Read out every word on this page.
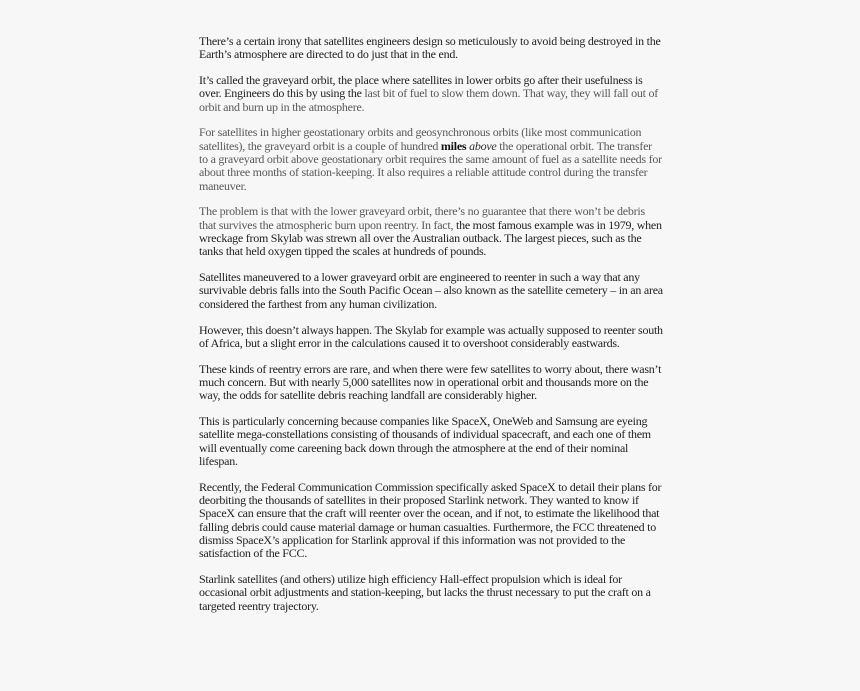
There’s a certain irony that satellites engineers design so meticulously to avoid being destroyed in the Earth’s atmosphere are directed to do just that in the end.

It’s called the graveyard orbit, the place where satellites in lower orbits go after their usefulness is over. Engineers do this by using the last bit of fuel to slow them down. That way, they will fall out of orbit and burn up in the atmosphere.

For satellites in higher geostationary orbits and geosynchronous orbits (like most communication satellites), the graveyard orbit is a couple of hundred miles above the operational orbit. The transfer to a graveyard orbit above geostationary orbit requires the same amount of fuel as a satellite needs for about three months of station-keeping. It also requires a reliable attitude control during the transfer maneuver.

The problem is that with the lower graveyard orbit, there’s no guarantee that there won’t be debris that survives the atmospheric burn upon reentry. In fact, the most famous example was in 1979, when wreckage from Skylab was strewn all over the Australian outback. The largest pieces, such as the tanks that held oxygen tipped the scales at hundreds of pounds.

Satellites maneuvered to a lower graveyard orbit are engineered to reenter in such a way that any survivable debris falls into the South Pacific Ocean – also known as the satellite cemetery – in an area considered the farthest from any human civilization.

However, this doesn’t always happen. The Skylab for example was actually supposed to reenter south of Africa, but a slight error in the calculations caused it to overshoot considerably eastwards.

These kinds of reentry errors are rare, and when there were few satellites to worry about, there wasn’t much concern. But with nearly 5,000 satellites now in operational orbit and thousands more on the way, the odds for satellite debris reaching landfall are considerably higher.

This is particularly concerning because companies like SpaceX, OneWeb and Samsung are eyeing satellite mega-constellations consisting of thousands of individual spacecraft, and each one of them will eventually come careening back down through the atmosphere at the end of their nominal lifespan.

Recently, the Federal Communication Commission specifically asked SpaceX to detail their plans for deorbiting the thousands of satellites in their proposed Starlink network. They wanted to know if SpaceX can ensure that the craft will reenter over the ocean, and if not, to estimate the likelihood that falling debris could cause material damage or human casualties. Furthermore, the FCC threatened to dismiss SpaceX’s application for Starlink approval if this information was not provided to the satisfaction of the FCC.

Starlink satellites (and others) utilize high efficiency Hall-effect propulsion which is ideal for occasional orbit adjustments and station-keeping, but lacks the thrust necessary to put the craft on a targeted reentry trajectory.
